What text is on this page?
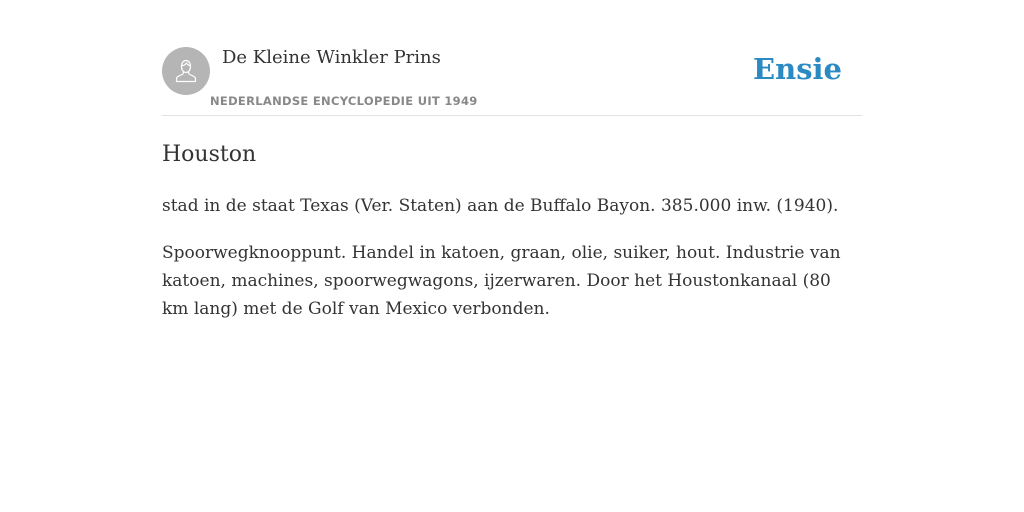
De Kleine Winkler Prins
NEDERLANDSE ENCYCLOPEDIE UIT 1949
Ensie
Houston

stad in de staat Texas (Ver. Staten) aan de Buffalo Bayon. 385.000 inw. (1940).

Spoorwegknooppunt. Handel in katoen, graan, olie, suiker, hout. Industrie van katoen, machines, spoorwegwagons, ijzerwaren. Door het Houstonkanaal (80 km lang) met de Golf van Mexico verbonden.
